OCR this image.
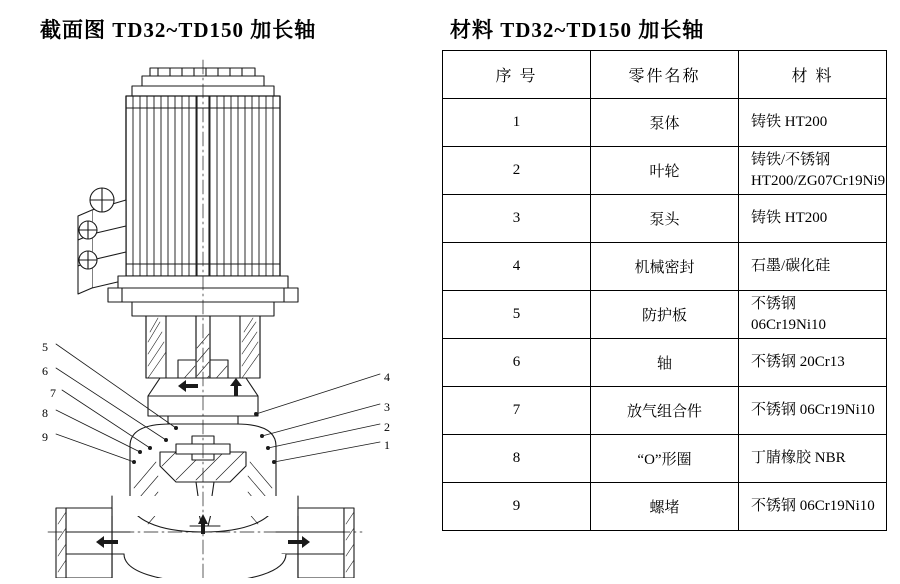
截面图 TD32~TD150 加长轴
5
6
7
8
9
4
3
2
1
材料 TD32~TD150 加长轴
序 号	零件名称	材 料
1	泵体	铸铁 HT200
2	叶轮	铸铁/不锈钢
HT200/ZG07Cr19Ni9

3	泵头	铸铁 HT200
4	机械密封	石墨/碳化硅
5	防护板	不锈钢
06Cr19Ni10

6	轴	不锈钢 20Cr13
7	放气组合件	不锈钢 06Cr19Ni10
8	“O”形圈	丁腈橡胶 NBR
9	螺堵	不锈钢 06Cr19Ni10
